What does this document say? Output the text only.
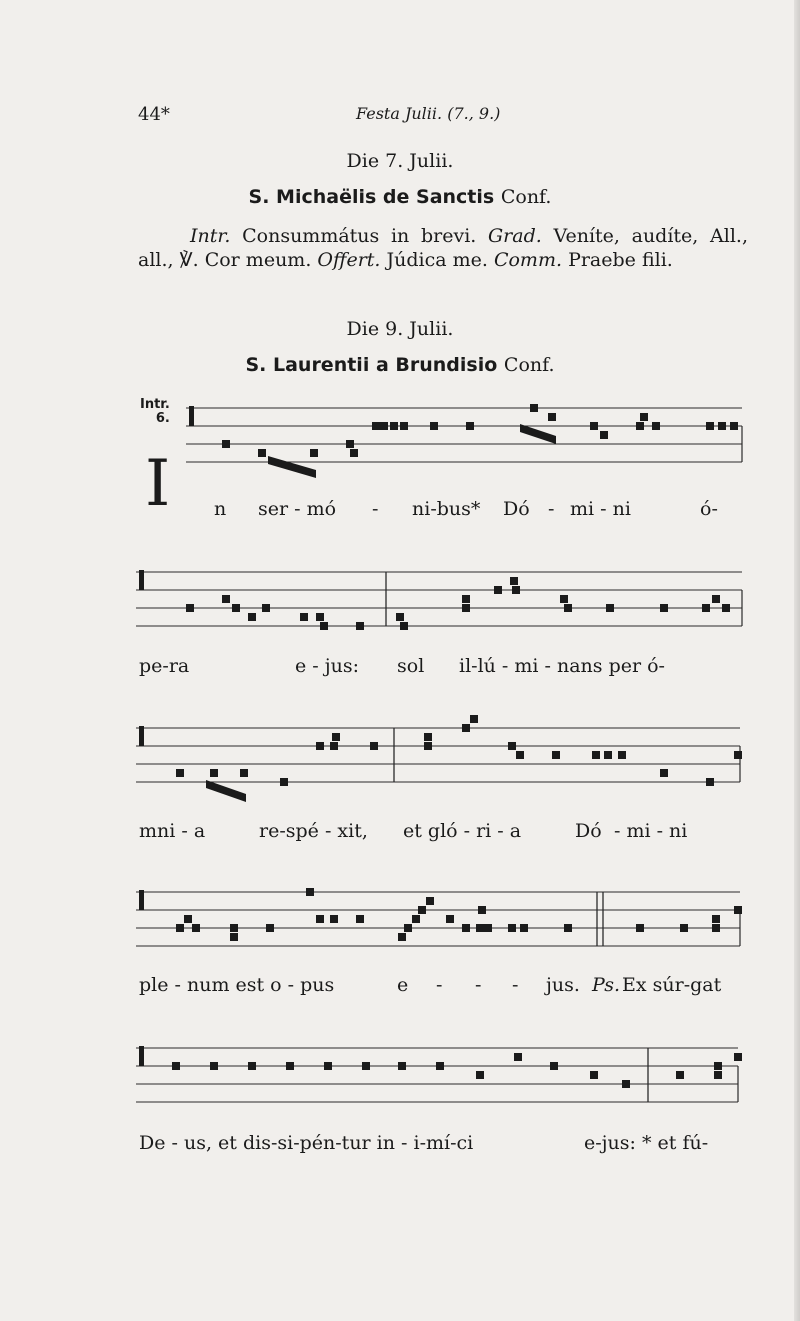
44*	Festa Julii. (7., 9.)
Die 7. Julii.
S. Michaëlis de Sanctis Conf.
Intr. Consummátus in brevi. Grad. Veníte, audíte, All., all., ℣. Cor meum. Offert. Júdica me. Comm. Praebe fili.
Die 9. Julii.
S. Laurentii a Brundisio Conf.
Intr.
6.
I n ser - mó - ni-bus* Dó - mi - ni	ó-
pe-ra	e - jus: sol il-lú - mi - nans per ó-
mni - a	re-spé - xit, et gló - ri - a	Dó - mi - ni
ple - num est o - pus	e - - - jus. Ps. Ex súr-gat
De - us, et dis-si-pén-tur in - i-mí-ci	e-jus: * et fú-
